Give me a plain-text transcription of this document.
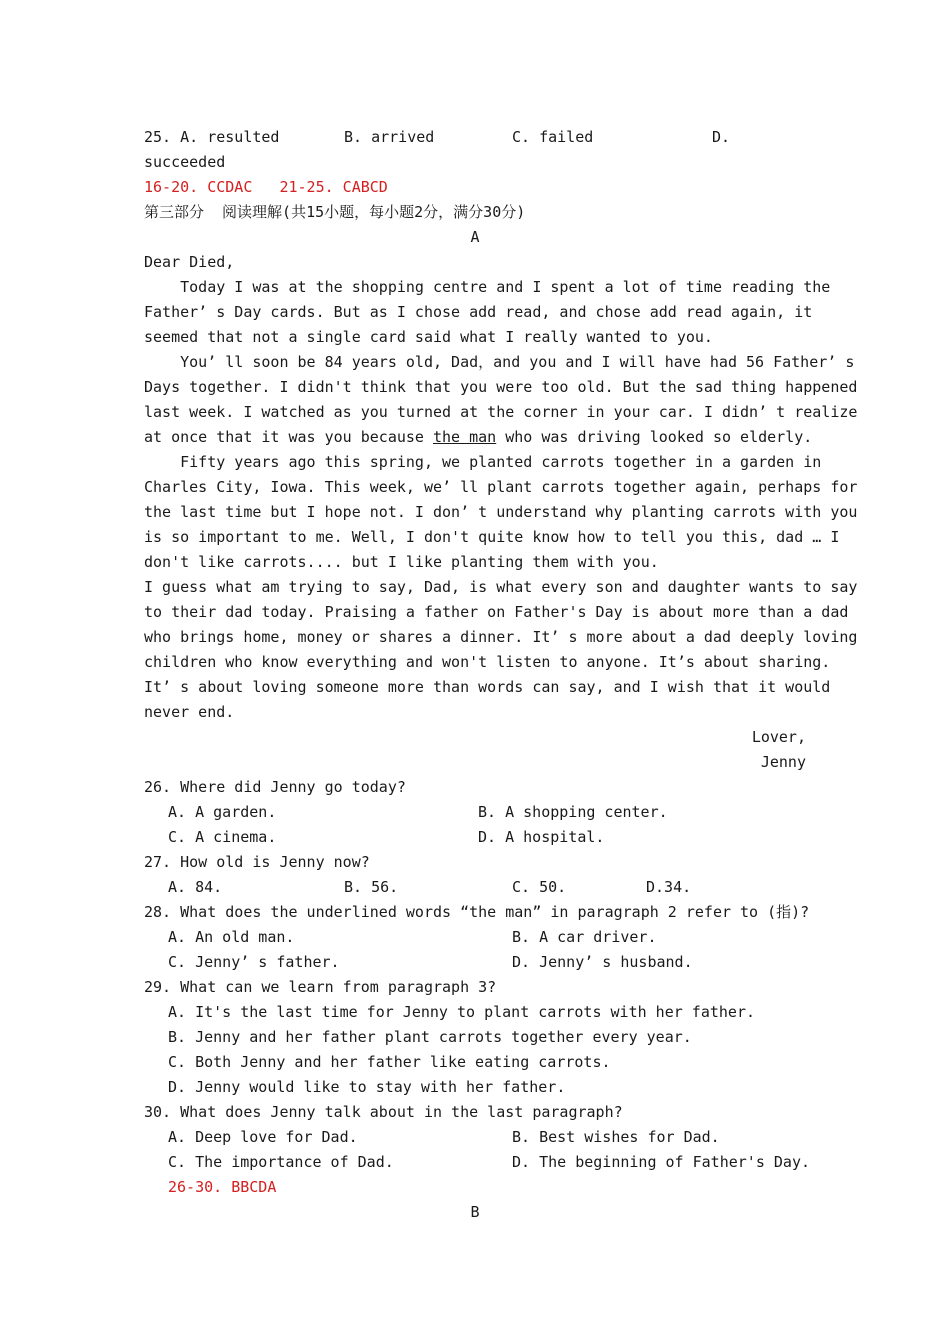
25. A. resulted	B. arrived	C. failed	D.
succeeded
16-20. CCDAC   21-25. CABCD
第三部分  阅读理解(共15小题，每小题2分，满分30分)
A
Dear Died,
Today I was at the shopping centre and I spent a lot of time reading the
Father’ s Day cards. But as I chose add read, and chose add read again, it
seemed that not a single card said what I really wanted to you.
You’ ll soon be 84 years old, Dad，and you and I will have had 56 Father’ s
Days together. I didn't think that you were too old. But the sad thing happened
last week. I watched as you turned at the corner in your car. I didn’ t realize
at once that it was you because the man who was driving looked so elderly.
Fifty years ago this spring, we planted carrots together in a garden in
Charles City, Iowa. This week, we’ ll plant carrots together again, perhaps for
the last time but I hope not. I don’ t understand why planting carrots with you
is so important to me. Well, I don't quite know how to tell you this, dad … I
don't like carrots.... but I like planting them with you.
I guess what am trying to say, Dad, is what every son and daughter wants to say
to their dad today. Praising a father on Father's Day is about more than a dad
who brings home, money or shares a dinner. It’ s more about a dad deeply loving
children who know everything and won't listen to anyone. It’s about sharing.
It’ s about loving someone more than words can say, and I wish that it would
never end.
Lover,
Jenny
26. Where did Jenny go today?
A. A garden.	B. A shopping center.
C. A cinema.	D. A hospital.
27. How old is Jenny now?
A. 84.	B. 56.	C. 50.	D.34.
28. What does the underlined words “the man” in paragraph 2 refer to (指)?
A. An old man.	B. A car driver.
C. Jenny’ s father.	D. Jenny’ s husband.
29. What can we learn from paragraph 3?
A. It's the last time for Jenny to plant carrots with her father.
B. Jenny and her father plant carrots together every year.
C. Both Jenny and her father like eating carrots.
D. Jenny would like to stay with her father.
30. What does Jenny talk about in the last paragraph?
A. Deep love for Dad.	B. Best wishes for Dad.
C. The importance of Dad.	D. The beginning of Father's Day.
26-30. BBCDA
B
